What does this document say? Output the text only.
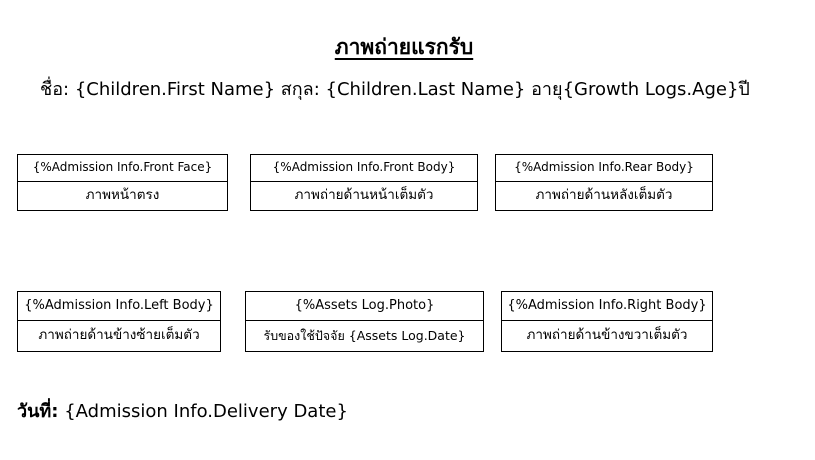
ภาพถ่ายแรกรับ
ชื่อ: {Children.First Name} สกุล: {Children.Last Name} อายุ{Growth Logs.Age}ปี
{%Admission Info.Front Face}
ภาพหน้าตรง
{%Admission Info.Front Body}
ภาพถ่ายด้านหน้าเต็มตัว
{%Admission Info.Rear Body}
ภาพถ่ายด้านหลังเต็มตัว
{%Admission Info.Left Body}
ภาพถ่ายด้านข้างซ้ายเต็มตัว
{%Assets Log.Photo}
รับของใช้ปัจจัย {Assets Log.Date}
{%Admission Info.Right Body}
ภาพถ่ายด้านข้างขวาเต็มตัว
วันที่: {Admission Info.Delivery Date}
